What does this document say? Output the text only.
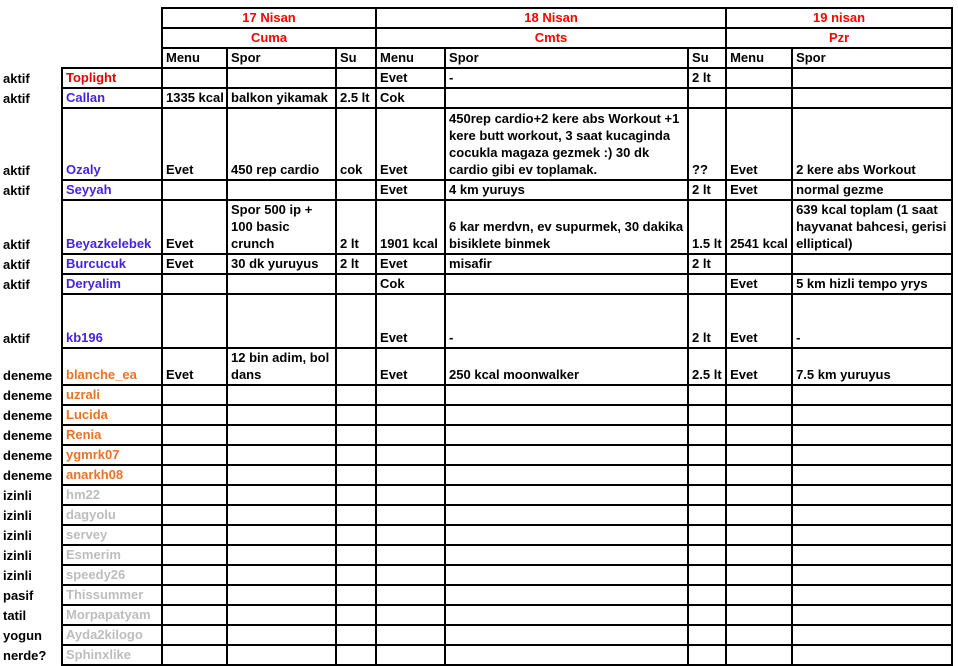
		17 Nisan			18 Nisan			19 nisan	
		Cuma			Cmts			Pzr	
		Menu	Spor	Su	Menu	Spor	Su	Menu	Spor
aktif	Toplight				Evet	-	2 lt		
aktif	Callan	1335 kcal	balkon yikamak	2.5 lt	Cok				
aktif	Ozaly	Evet	450 rep cardio	cok	Evet	450rep cardio+2 kere abs Workout +1 kere butt workout, 3 saat kucaginda cocukla magaza gezmek :) 30 dk cardio gibi ev toplamak.	??	Evet	2 kere abs Workout
aktif	Seyyah				Evet	4 km yuruys	2 lt	Evet	normal gezme
aktif	Beyazkelebek	Evet	Spor 500 ip + 100 basic crunch	2 lt	1901 kcal	6 kar merdvn, ev supurmek, 30 dakika bisiklete binmek	1.5 lt	2541 kcal	639 kcal toplam (1 saat hayvanat bahcesi, gerisi elliptical)
aktif	Burcucuk	Evet	30 dk yuruyus	2 lt	Evet	misafir	2 lt		
aktif	Deryalim				Cok			Evet	5 km hizli tempo yrys
aktif	kb196				Evet	-	2 lt	Evet	-
deneme	blanche_ea	Evet	12 bin adim, bol dans		Evet	250 kcal moonwalker	2.5 lt	Evet	7.5 km yuruyus
deneme	uzrali								
deneme	Lucida								
deneme	Renia								
deneme	ygmrk07								
deneme	anarkh08								
izinli	hm22								
izinli	dagyolu								
izinli	servey								
izinli	Esmerim								
izinli	speedy26								
pasif	Thissummer								
tatil	Morpapatyam								
yogun	Ayda2kilogo								
nerde?	Sphinxlike								
